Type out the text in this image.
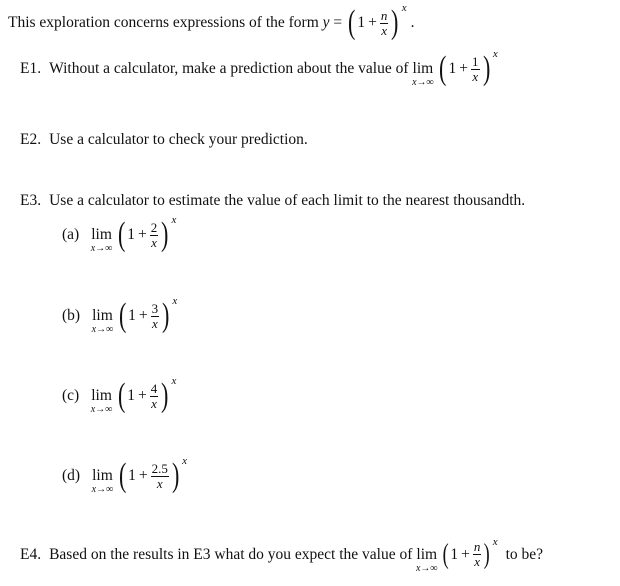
This exploration concerns expressions of the form
y
=
( $1 + \frac{n}{x}$ ) x
.
E1. Without a calculator, make a prediction about the value of lim
x→∞ ( $1 + \frac{1}{x}$ ) x
E2. Use a calculator to check your prediction.
E3. Use a calculator to estimate the value of each limit to the nearest thousandth.
(a) lim
x→∞ ( $1 + \frac{2}{x}$ ) x
(b) lim
x→∞ ( $1 + \frac{3}{x}$ ) x
(c) lim
x→∞ ( $1 + \frac{4}{x}$ ) x
(d) lim
x→∞ ( $1 + \frac{2.5}{x}$ ) x
E4. Based on the results in E3 what do you expect the value of lim
x→∞ ( $1 + \frac{n}{x}$ ) x
to be?
